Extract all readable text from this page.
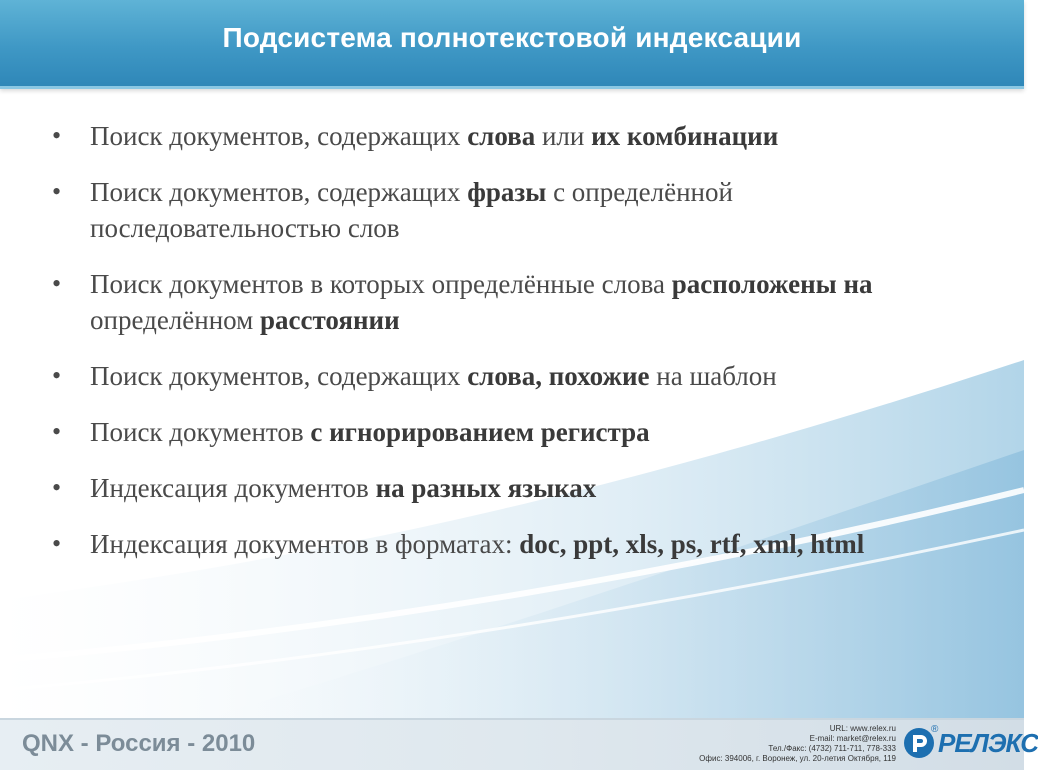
Подсистема полнотекстовой индексации
• Поиск документов, содержащих слова или их комбинации
• Поиск документов, содержащих фразы с определённой последовательностью слов
• Поиск документов в которых определённые слова расположены на определённом расстоянии
• Поиск документов, содержащих слова, похожие на шаблон
• Поиск документов с игнорированием регистра
• Индексация документов на разных языках
• Индексация документов в форматах: doc, ppt, xls, ps, rtf, xml, html
QNX - Россия - 2010
URL: www.relex.ru
E-mail: market@relex.ru
Тел./Факс: (4732) 711-711, 778-333
Офис: 394006, г. Воронеж, ул. 20-летия Октября, 119
® РЕЛЭКС
